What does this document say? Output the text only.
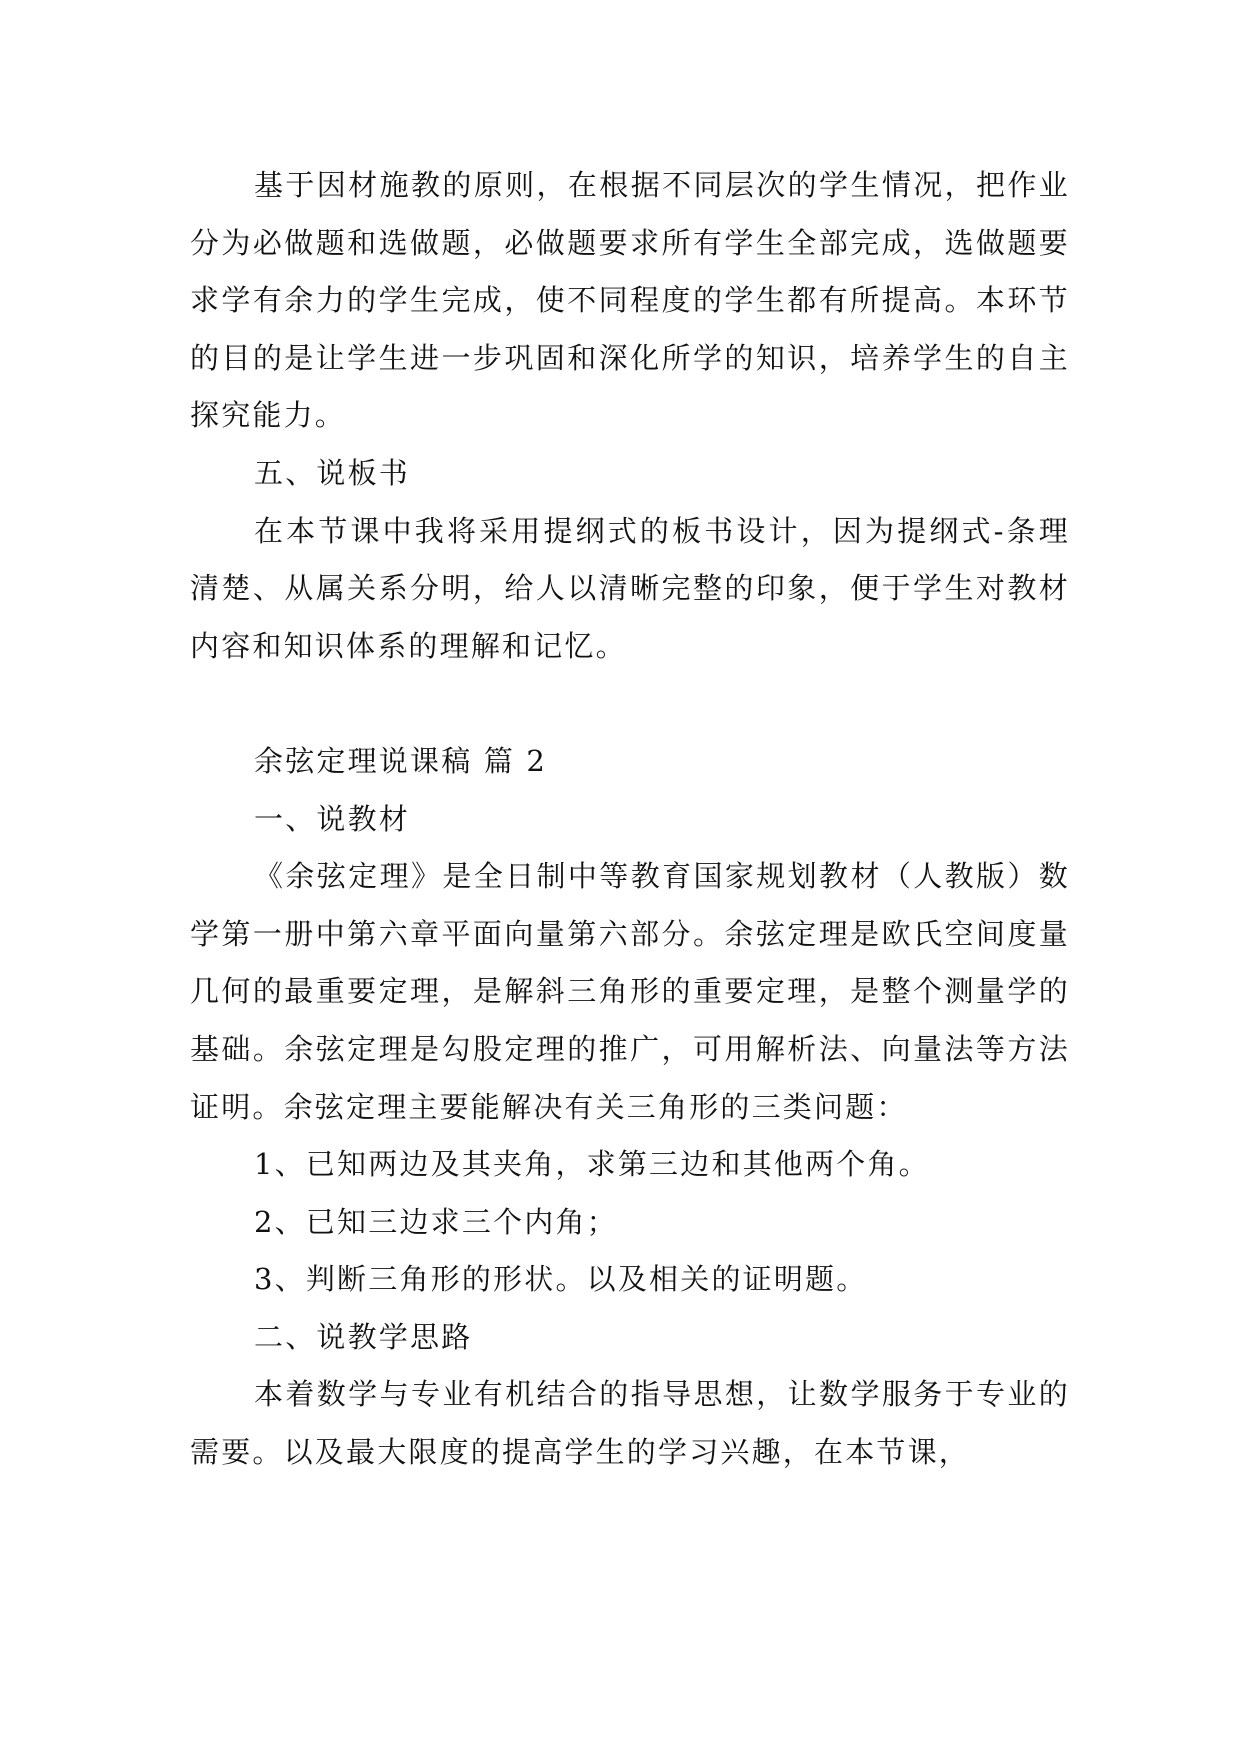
基于因材施教的原则，在根据不同层次的学生情况，把作业分为必做题和选做题，必做题要求所有学生全部完成，选做题要求学有余力的学生完成，使不同程度的学生都有所提高。本环节的目的是让学生进一步巩固和深化所学的知识，培养学生的自主探究能力。

五、说板书

在本节课中我将采用提纲式的板书设计，因为提纲式-条理清楚、从属关系分明，给人以清晰完整的印象，便于学生对教材内容和知识体系的理解和记忆。

余弦定理说课稿 篇 2

一、说教材

《余弦定理》是全日制中等教育国家规划教材（人教版）数学第一册中第六章平面向量第六部分。余弦定理是欧氏空间度量几何的最重要定理，是解斜三角形的重要定理，是整个测量学的基础。余弦定理是勾股定理的推广，可用解析法、向量法等方法证明。余弦定理主要能解决有关三角形的三类问题：

1、已知两边及其夹角，求第三边和其他两个角。

2、已知三边求三个内角；

3、判断三角形的形状。以及相关的证明题。

二、说教学思路

本着数学与专业有机结合的指导思想，让数学服务于专业的需要。以及最大限度的提高学生的学习兴趣，在本节课，
